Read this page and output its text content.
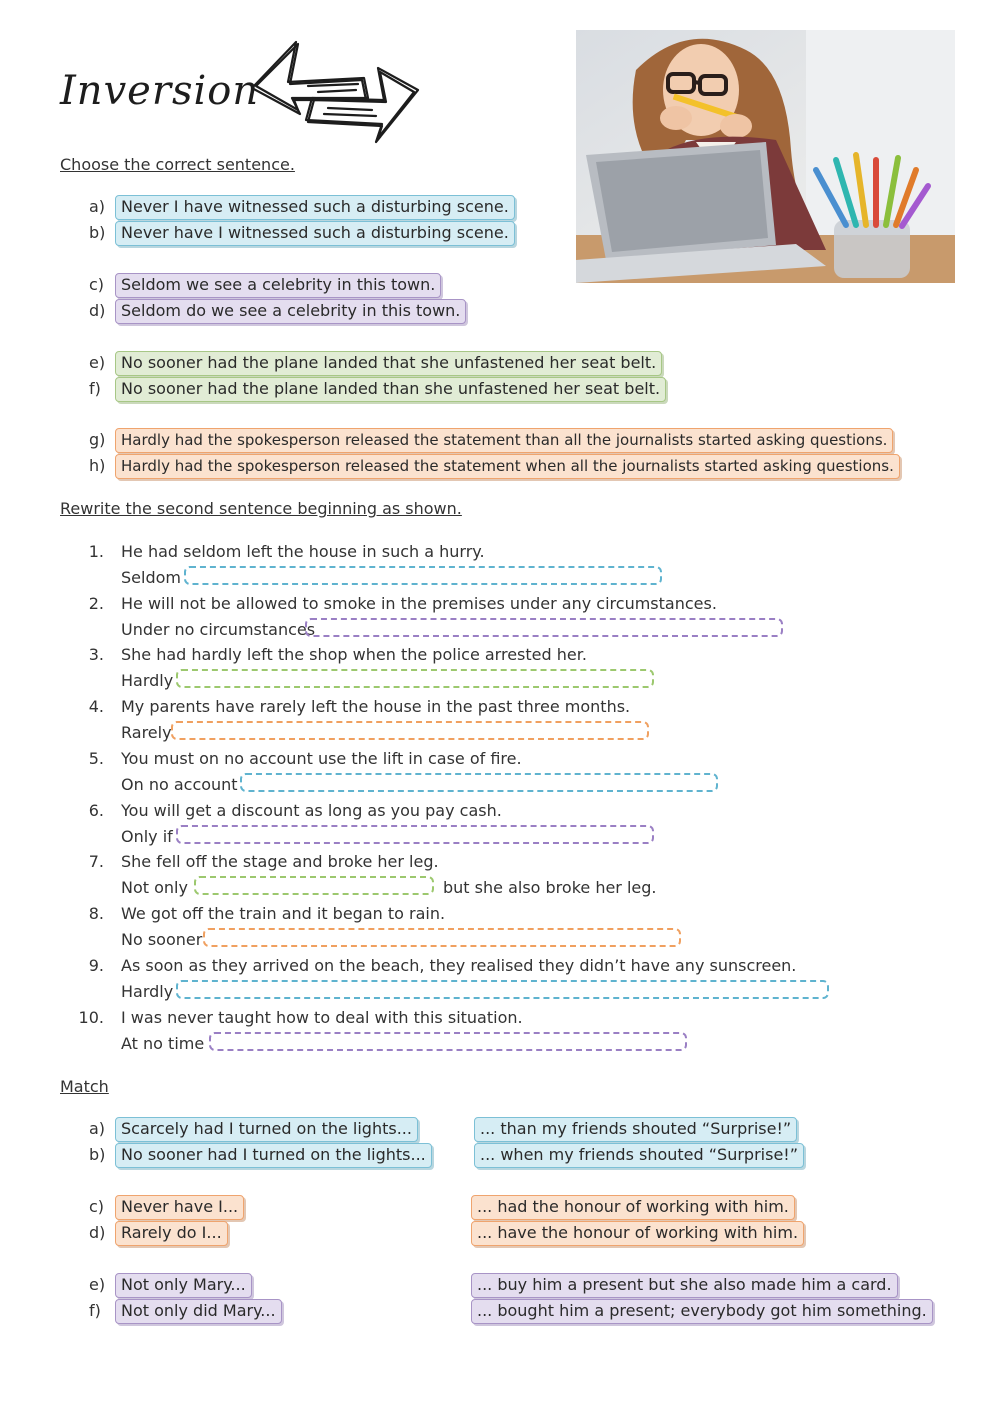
Inversion
Choose the correct sentence.
a) Never I have witnessed such a disturbing scene.
b) Never have I witnessed such a disturbing scene.
c)	Seldom we see a celebrity in this town.
d) Seldom do we see a celebrity in this town.
e) No sooner had the plane landed that she unfastened her seat belt.
f)	No sooner had the plane landed than she unfastened her seat belt.
g)	Hardly had the spokesperson released the statement than all the journalists started asking questions.
h)	Hardly had the spokesperson released the statement when all the journalists started asking questions.
Rewrite the second sentence beginning as shown.
1. He had seldom left the house in such a hurry.
Seldom
2. He will not be allowed to smoke in the premises under any circumstances.
Under no circumstances
3. She had hardly left the shop when the police arrested her.
Hardly
4. My parents have rarely left the house in the past three months.
Rarely
5. You must on no account use the lift in case of fire.
On no account
6. You will get a discount as long as you pay cash.
Only if
7. She fell off the stage and broke her leg.
Not only	but she also broke her leg.
8. We got off the train and it began to rain.
No sooner
9. As soon as they arrived on the beach, they realised they didn’t have any sunscreen.
Hardly
10. I was never taught how to deal with this situation.
At no time
Match
a) Scarcely had I turned on the lights...	... than my friends shouted “Surprise!”
b) No sooner had I turned on the lights...	... when my friends shouted “Surprise!”
c)	Never have I...	... had the honour of working with him.
d) Rarely do I...	... have the honour of working with him.
e) Not only Mary...	... buy him a present but she also made him a card.
f)	Not only did Mary...	... bought him a present; everybody got him something.
